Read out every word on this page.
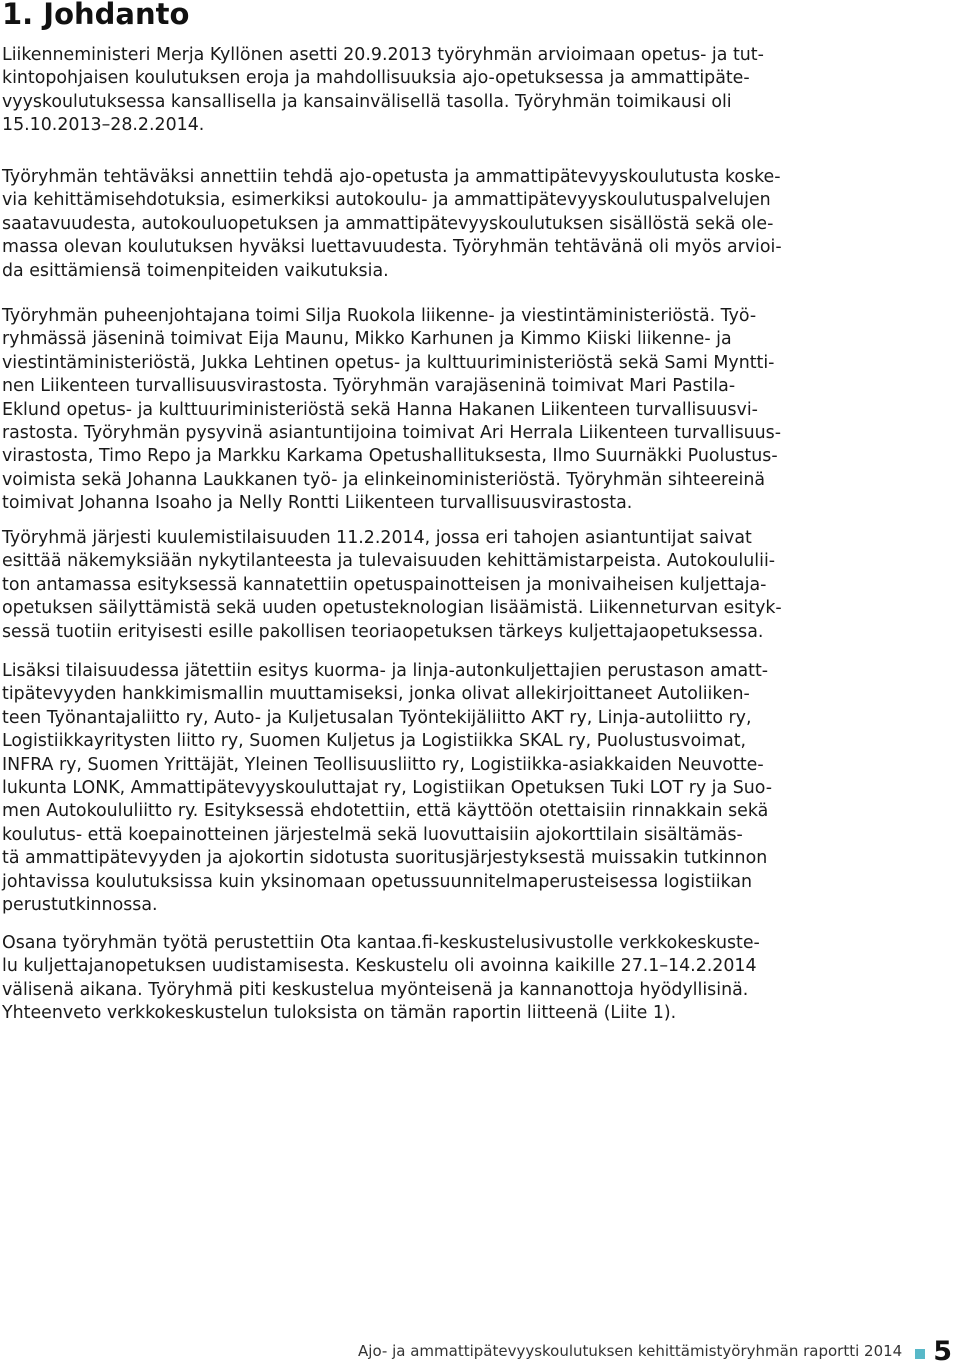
1. Johdanto
Liikenneministeri Merja Kyllönen asetti 20.9.2013 työryhmän arvioimaan opetus- ja tut-
kintopohjaisen koulutuksen eroja ja mahdollisuuksia ajo-opetuksessa ja ammattipäte-
vyyskoulutuksessa kansallisella ja kansainvälisellä tasolla. Työryhmän toimikausi oli
15.10.2013–28.2.2014.
Työryhmän tehtäväksi annettiin tehdä ajo-opetusta ja ammattipätevyyskoulutusta koske-
via kehittämisehdotuksia, esimerkiksi autokoulu- ja ammattipätevyyskoulutuspalvelujen
saatavuudesta, autokouluopetuksen ja ammattipätevyyskoulutuksen sisällöstä sekä ole-
massa olevan koulutuksen hyväksi luettavuudesta. Työryhmän tehtävänä oli myös arvioi-
da esittämiensä toimenpiteiden vaikutuksia.
Työryhmän puheenjohtajana toimi Silja Ruokola liikenne- ja viestintäministeriöstä. Työ-
ryhmässä jäseninä toimivat Eija Maunu, Mikko Karhunen ja Kimmo Kiiski liikenne- ja
viestintäministeriöstä, Jukka Lehtinen opetus- ja kulttuuriministeriöstä sekä Sami Myntti-
nen Liikenteen turvallisuusvirastosta. Työryhmän varajäseninä toimivat Mari Pastila-
Eklund opetus- ja kulttuuriministeriöstä sekä Hanna Hakanen Liikenteen turvallisuusvi-
rastosta. Työryhmän pysyvinä asiantuntijoina toimivat Ari Herrala Liikenteen turvallisuus-
virastosta, Timo Repo ja Markku Karkama Opetushallituksesta, Ilmo Suurnäkki Puolustus-
voimista sekä Johanna Laukkanen työ- ja elinkeinoministeriöstä. Työryhmän sihteereinä
toimivat Johanna Isoaho ja Nelly Rontti Liikenteen turvallisuusvirastosta.
Työryhmä järjesti kuulemistilaisuuden 11.2.2014, jossa eri tahojen asiantuntijat saivat
esittää näkemyksiään nykytilanteesta ja tulevaisuuden kehittämistarpeista. Autokoululii-
ton antamassa esityksessä kannatettiin opetuspainotteisen ja monivaiheisen kuljettaja-
opetuksen säilyttämistä sekä uuden opetusteknologian lisäämistä. Liikenneturvan esityk-
sessä tuotiin erityisesti esille pakollisen teoriaopetuksen tärkeys kuljettajaopetuksessa.
Lisäksi tilaisuudessa jätettiin esitys kuorma- ja linja-autonkuljettajien perustason amatt-
tipätevyyden hankkimismallin muuttamiseksi, jonka olivat allekirjoittaneet Autoliiken-
teen Työnantajaliitto ry, Auto- ja Kuljetusalan Työntekijäliitto AKT ry, Linja-autoliitto ry,
Logistiikkayritysten liitto ry, Suomen Kuljetus ja Logistiikka SKAL ry, Puolustusvoimat,
INFRA ry, Suomen Yrittäjät, Yleinen Teollisuusliitto ry, Logistiikka-asiakkaiden Neuvotte-
lukunta LONK, Ammattipätevyyskouluttajat ry, Logistiikan Opetuksen Tuki LOT ry ja Suo-
men Autokoululiitto ry. Esityksessä ehdotettiin, että käyttöön otettaisiin rinnakkain sekä
koulutus- että koepainotteinen järjestelmä sekä luovuttaisiin ajokorttilain sisältämäs-
tä ammattipätevyyden ja ajokortin sidotusta suoritusjärjestyksestä muissakin tutkinnon
johtavissa koulutuksissa kuin yksinomaan opetussuunnitelmaperusteisessa logistiikan
perustutkinnossa.
Osana työryhmän työtä perustettiin Ota kantaa.fi-keskustelusivustolle verkkokeskuste-
lu kuljettajanopetuksen uudistamisesta. Keskustelu oli avoinna kaikille 27.1–14.2.2014
välisenä aikana. Työryhmä piti keskustelua myönteisenä ja kannanottoja hyödyllisinä.
Yhteenveto verkkokeskustelun tuloksista on tämän raportin liitteenä (Liite 1).
Ajo- ja ammattipätevyyskoulutuksen kehittämistyöryhmän raportti 2014 5
